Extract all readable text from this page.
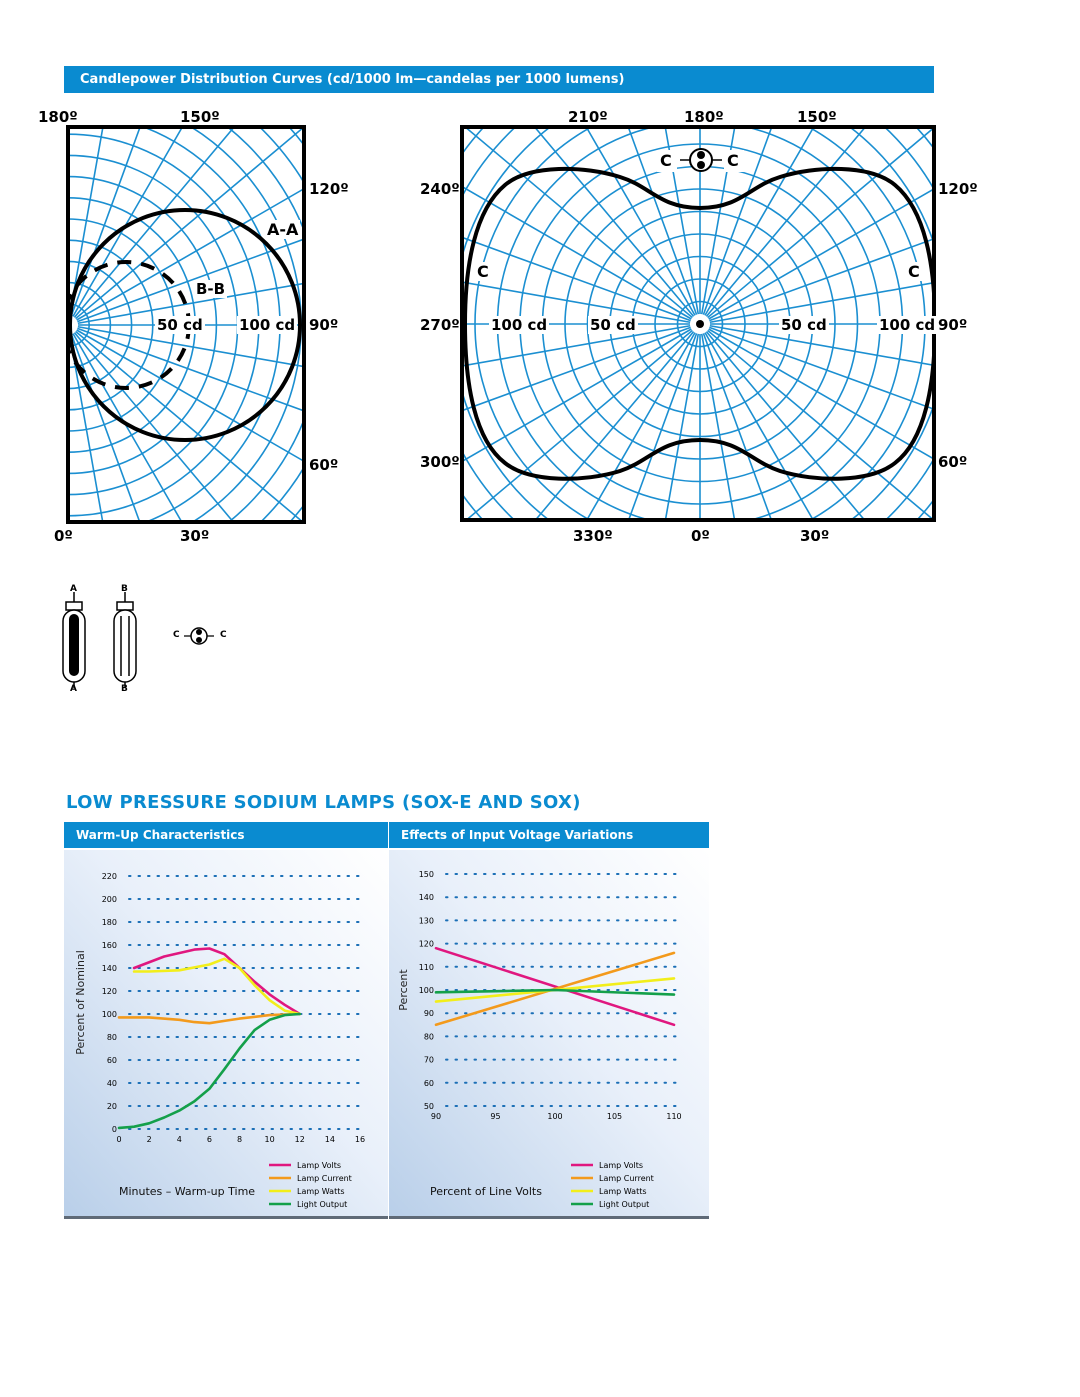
Candlepower Distribution Curves (cd/1000 lm—candelas per 1000 lumens)
180º	150º
120º
90º
60º
0º	30º
50 cd 100 cd
A-A
B-B
210º	180º	150º
240º	120º
270º	90º
300º	60º
330º	0º	30º
100 cd	50 cd	50 cd	100 cd
C	C
C	C
A	B
A	B
C	C
LOW PRESSURE SODIUM LAMPS (SOX-E AND SOX)
Warm-Up Characteristics	Effects of Input Voltage Variations
0
20
40
60
80
100
120
140
160
180
200
220
0	2	4	6	8	10 12 14 16
Percent of Nominal
Minutes – Warm-up Time
Lamp Volts
Lamp Current
Lamp Watts
Light Output
50
60
70
80
90
100
110
120
130
140
150
90	95	100	105	110
Percent
Percent of Line Volts
Lamp Volts
Lamp Current
Lamp Watts
Light Output
